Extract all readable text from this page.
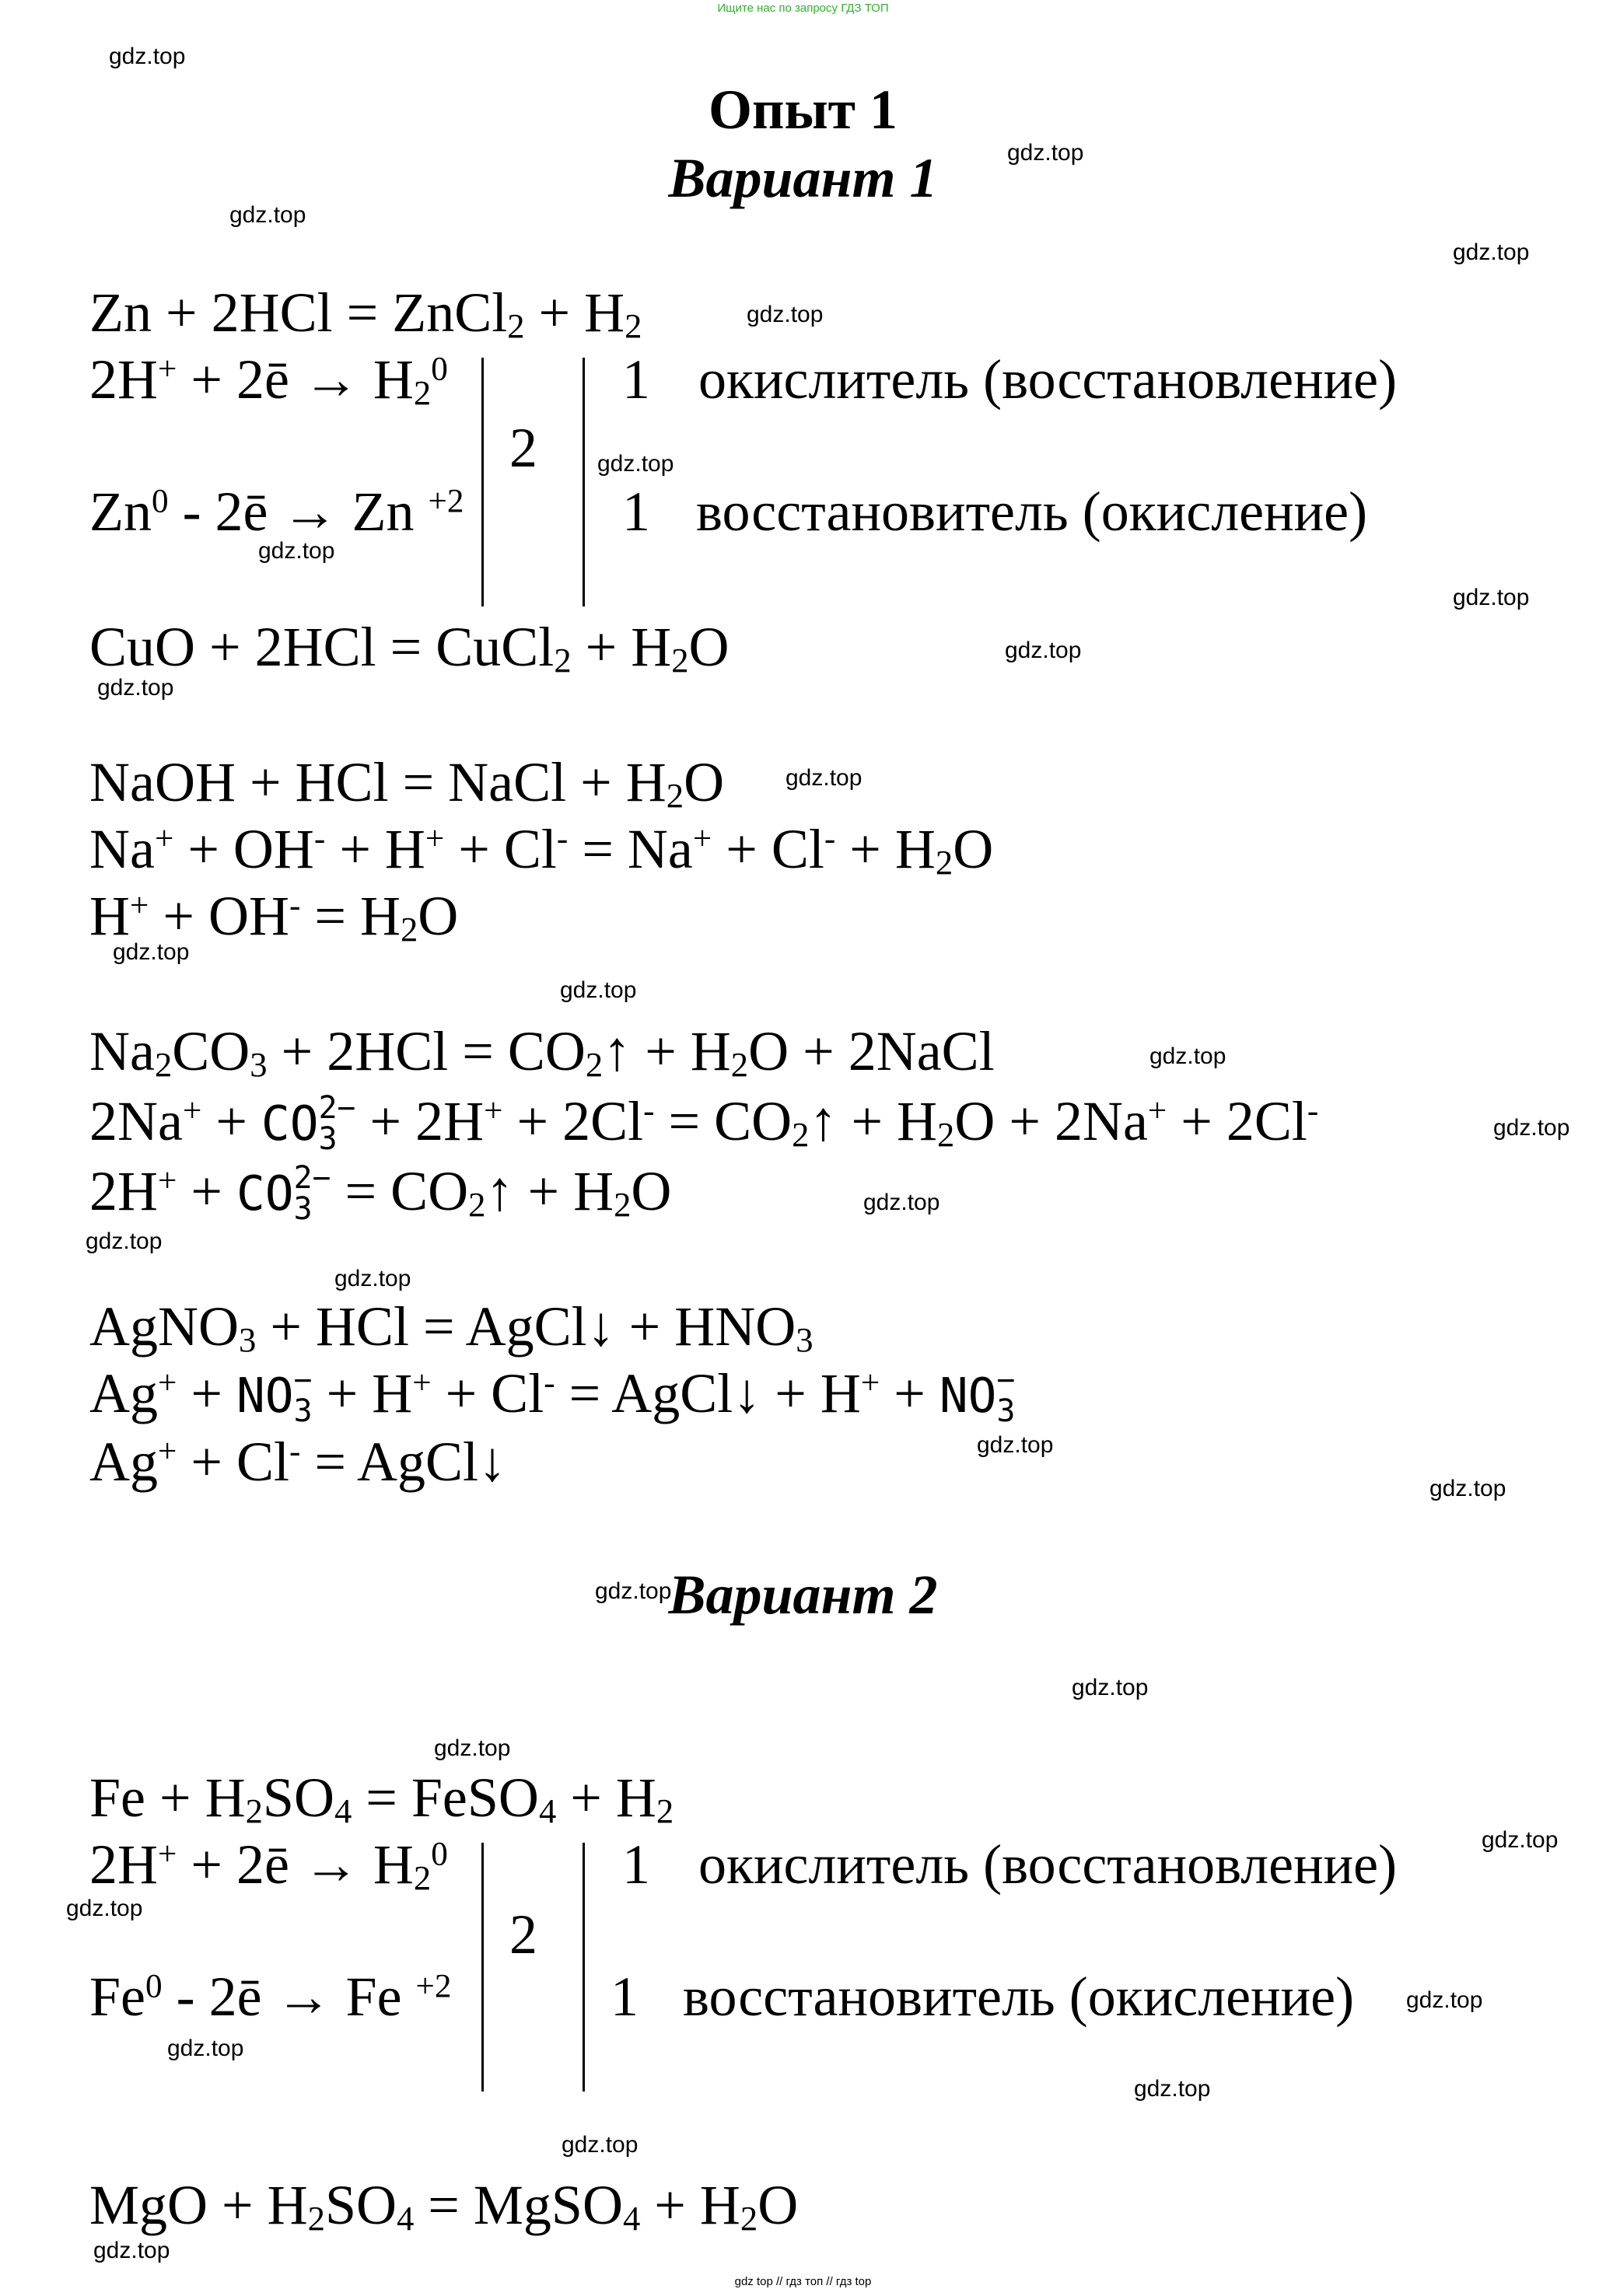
Ищите нас по запросу ГДЗ ТОП
Опыт 1
Вариант 1
Zn + 2HCl = ZnCl$_2$ + $H_2$
2H+ + 2ē → $H_2^0$
Zn$^0$ - 2ē → Zn $^{+2}$
2
1
1
окислитель (восстановление)
восстановитель (окисление)
CuO + 2HCl = CuCl$_2$ + $H_2O$
NaOH + HCl = NaCl + $H_2O$
$Na^+ + OH^- + H^+ + Cl^- = Na^+ + Cl^- + H_2O$
$H^+ + OH^- = H_2O$
$Na_2CO_3 + 2HCl$ = $CO_2↑ + H_2O$ + 2NaCl
2Na+ + CO 2−
$3 + 2H^+ + 2Cl^- = CO_2↑ + H_2O + 2Na^+ + 2Cl^-$
2H+ + CO 2−
$3 = CO_2↑ + H_2O$
AgNO$_3$ + HCl = AgCl↓ + $HNO_3$
Ag+ + NO −
3 + H+ + Cl- = AgCl↓ + H+ + NO −
3
Ag+ + Cl- = AgCl↓
Вариант 2
$Fe + H_2SO_4$ = FeSO$_4$ + $H_2$
2H+ + 2ē → $H_2^0$
Fe$^0$ - 2ē → Fe $^{+2}$
2
1
1
окислитель (восстановление)
восстановитель (окисление)
MgO + $H_2SO_4$ = MgSO$_4$ + $H_2O$
gdz.top
gdz.top
gdz.top
gdz.top
gdz.top
gdz.top
gdz.top
gdz.top
gdz.top
gdz.top
gdz.top
gdz.top
gdz.top
gdz.top
gdz.top
gdz.top
gdz.top
gdz.top
gdz.top
gdz.top
gdz.top
gdz.top
gdz.top
gdz.top
gdz.top
gdz.top
gdz.top
gdz.top
gdz.top
gdz.top
gdz top // гдз топ // гдз top
